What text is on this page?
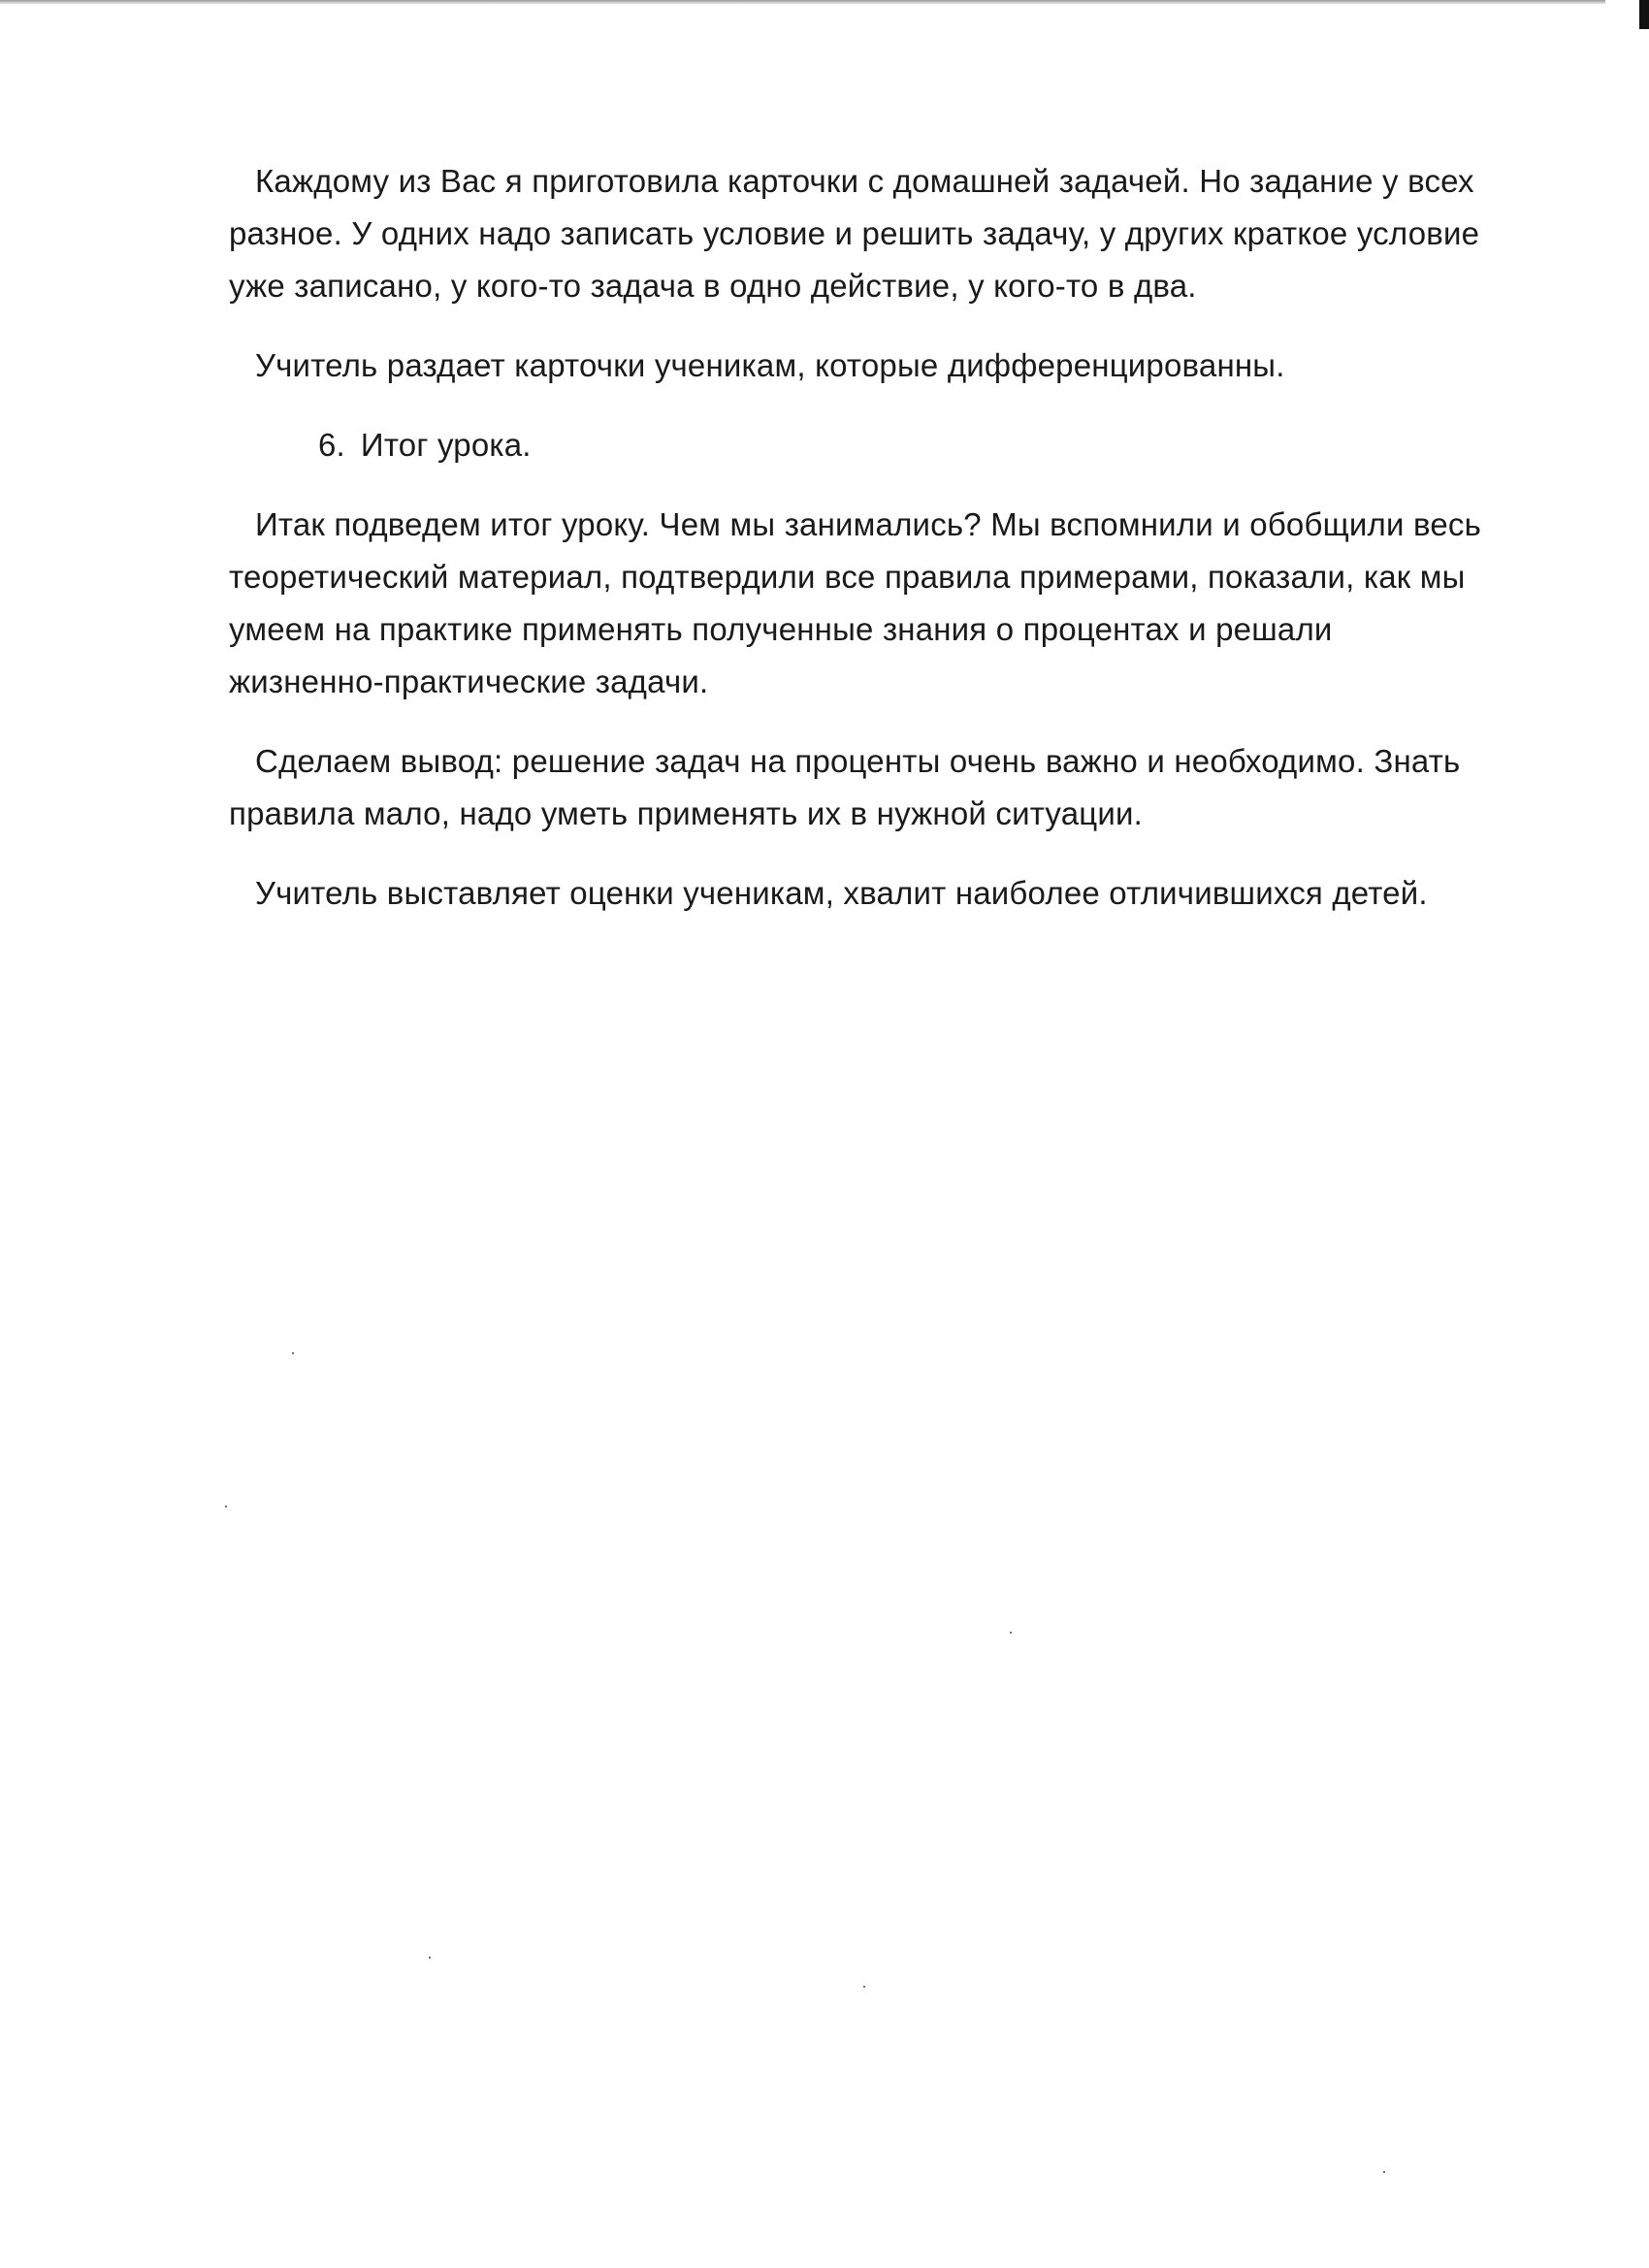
Каждому из Вас я приготовила карточки с домашней задачей. Но задание у всех разное. У одних надо записать условие и решить задачу, у других краткое условие уже записано, у кого-то задача в одно действие, у кого-то в два.

Учитель раздает карточки ученикам, которые дифференцированны.

6. Итог урока.

Итак подведем итог уроку. Чем мы занимались? Мы вспомнили и обобщили весь теоретический материал, подтвердили все правила примерами, показали, как мы умеем на практике применять полученные знания о процентах и решали жизненно-практические задачи.

Сделаем вывод: решение задач на проценты очень важно и необходимо. Знать правила мало, надо уметь применять их в нужной ситуации.

Учитель выставляет оценки ученикам, хвалит наиболее отличившихся детей.
